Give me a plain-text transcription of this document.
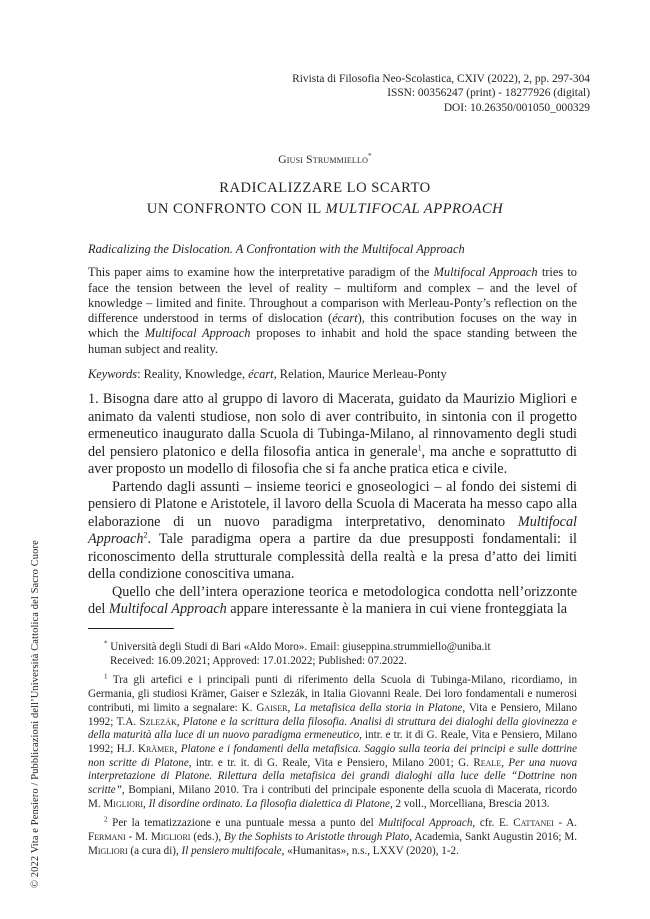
© 2022 Vita e Pensiero / Pubblicazioni dell’Università Cattolica del Sacro Cuore
Rivista di Filosofia Neo-Scolastica, CXIV (2022), 2, pp. 297-304
ISSN: 00356247 (print) - 18277926 (digital)
DOI: 10.26350/001050_000329
Giusi Strummiello*
RADICALIZZARE LO SCARTO
UN CONFRONTO CON IL MULTIFOCAL APPROACH

Radicalizing the Dislocation. A Confrontation with the Multifocal Approach

This paper aims to examine how the interpretative paradigm of the Multifocal Approach tries to face the tension between the level of reality – multiform and complex – and the level of knowledge – limited and finite. Throughout a comparison with Merleau-Ponty’s reflection on the difference understood in terms of dislocation (écart), this contribution focuses on the way in which the Multifocal Approach proposes to inhabit and hold the space standing between the human subject and reality.

Keywords: Reality, Knowledge, écart, Relation, Maurice Merleau-Ponty

1. Bisogna dare atto al gruppo di lavoro di Macerata, guidato da Maurizio Migliori e animato da valenti studiose, non solo di aver contribuito, in sintonia con il progetto ermeneutico inaugurato dalla Scuola di Tubinga-Milano, al rinnovamento degli studi del pensiero platonico e della filosofia antica in generale$^1$, ma anche e soprattutto di aver proposto un modello di filosofia che si fa anche pratica etica e civile.

Partendo dagli assunti – insieme teorici e gnoseologici – al fondo dei sistemi di pensiero di Platone e Aristotele, il lavoro della Scuola di Macerata ha messo capo alla elaborazione di un nuovo paradigma interpretativo, denominato Multifocal Approach$^2$. Tale paradigma opera a partire da due presupposti fondamentali: il riconoscimento della strutturale complessità della realtà e la presa d’atto dei limiti della condizione conoscitiva umana.

Quello che dell’intera operazione teorica e metodologica condotta nell’orizzonte del Multifocal Approach appare interessante è la maniera in cui viene fronteggiata la

* Università degli Studi di Bari «Aldo Moro». Email: giuseppina.strummiello@uniba.it

Received: 16.09.2021; Approved: 17.01.2022; Published: 07.2022.

$^1$ Tra gli artefici e i principali punti di riferimento della Scuola di Tubinga-Milano, ricordiamo, in Germania, gli studiosi Krämer, Gaiser e Szlezák, in Italia Giovanni Reale. Dei loro fondamentali e numerosi contributi, mi limito a segnalare: K. Gaiser, La metafisica della storia in Platone, Vita e Pensiero, Milano 1992; T.A. Szlezák, Platone e la scrittura della filosofia. Analisi di struttura dei dialoghi della giovinezza e della maturità alla luce di un nuovo paradigma ermeneutico, intr. e tr. it di G. Reale, Vita e Pensiero, Milano 1992; H.J. Krämer, Platone e i fondamenti della metafisica. Saggio sulla teoria dei principi e sulle dottrine non scritte di Platone, intr. e tr. it. di G. Reale, Vita e Pensiero, Milano 2001; G. Reale, Per una nuova interpretazione di Platone. Rilettura della metafisica dei grandi dialoghi alla luce delle “Dottrine non scritte”, Bompiani, Milano 2010. Tra i contributi del principale esponente della scuola di Macerata, ricordo M. Migliori, Il disordine ordinato. La filosofia dialettica di Platone, 2 voll., Morcelliana, Brescia 2013.

$^2$ Per la tematizzazione e una puntuale messa a punto del Multifocal Approach, cfr. E. Cattanei - A. Fermani - M. Migliori (eds.), By the Sophists to Aristotle through Plato, Academia, Sankt Augustin 2016; M. Migliori (a cura di), Il pensiero multifocale, «Humanitas», n.s., LXXV (2020), 1-2.
